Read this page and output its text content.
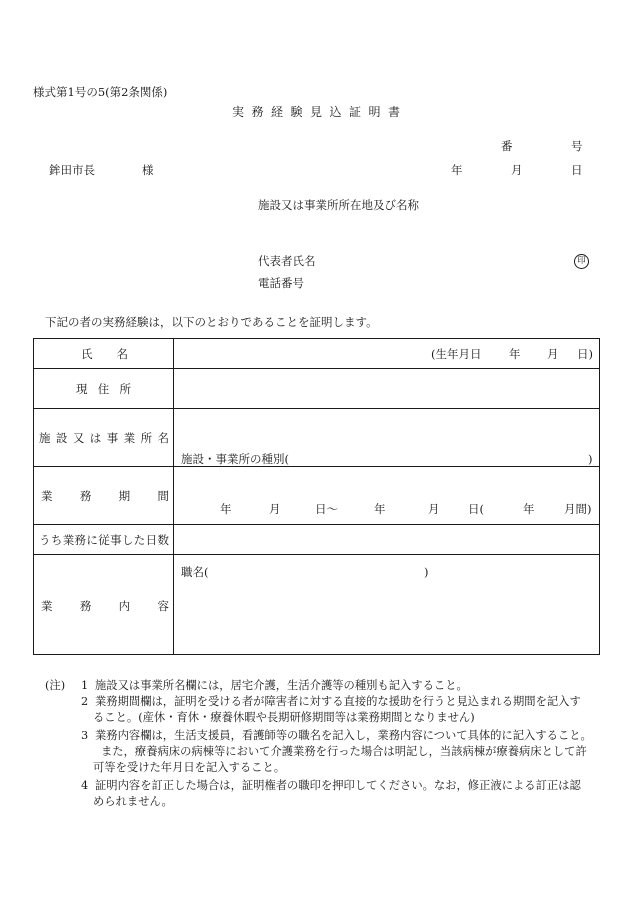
様式第1号の5(第2条関係)
実 務 経 験 見 込 証 明 書
番	号
鉾田市長	様	年	月	日
施設又は事業所所在地及び名称
代表者氏名	印
電話番号
下記の者の実務経験は，以下のとおりであることを証明します。
氏 名	(生年月日 年 月 日)
現 住 所
施 設 又 は 事 業 所 名
施設・事業所の種別(	)
業 務 期 間
年	月	日～	年	月 日(	年	月間)
うち業務に従事した日数
業 務 内 容
職名(	)
(注) 1 施設又は事業所名欄には，居宅介護，生活介護等の種別も記入すること。
2 業務期間欄は，証明を受ける者が障害者に対する直接的な援助を行うと見込まれる期間を記入す
ること。(産休・育休・療養休暇や長期研修期間等は業務期間となりません)
3 業務内容欄は，生活支援員，看護師等の職名を記入し，業務内容について具体的に記入すること。
また，療養病床の病棟等において介護業務を行った場合は明記し，当該病棟が療養病床として許
可等を受けた年月日を記入すること。
4 証明内容を訂正した場合は，証明権者の職印を押印してください。なお，修正液による訂正は認
められません。
